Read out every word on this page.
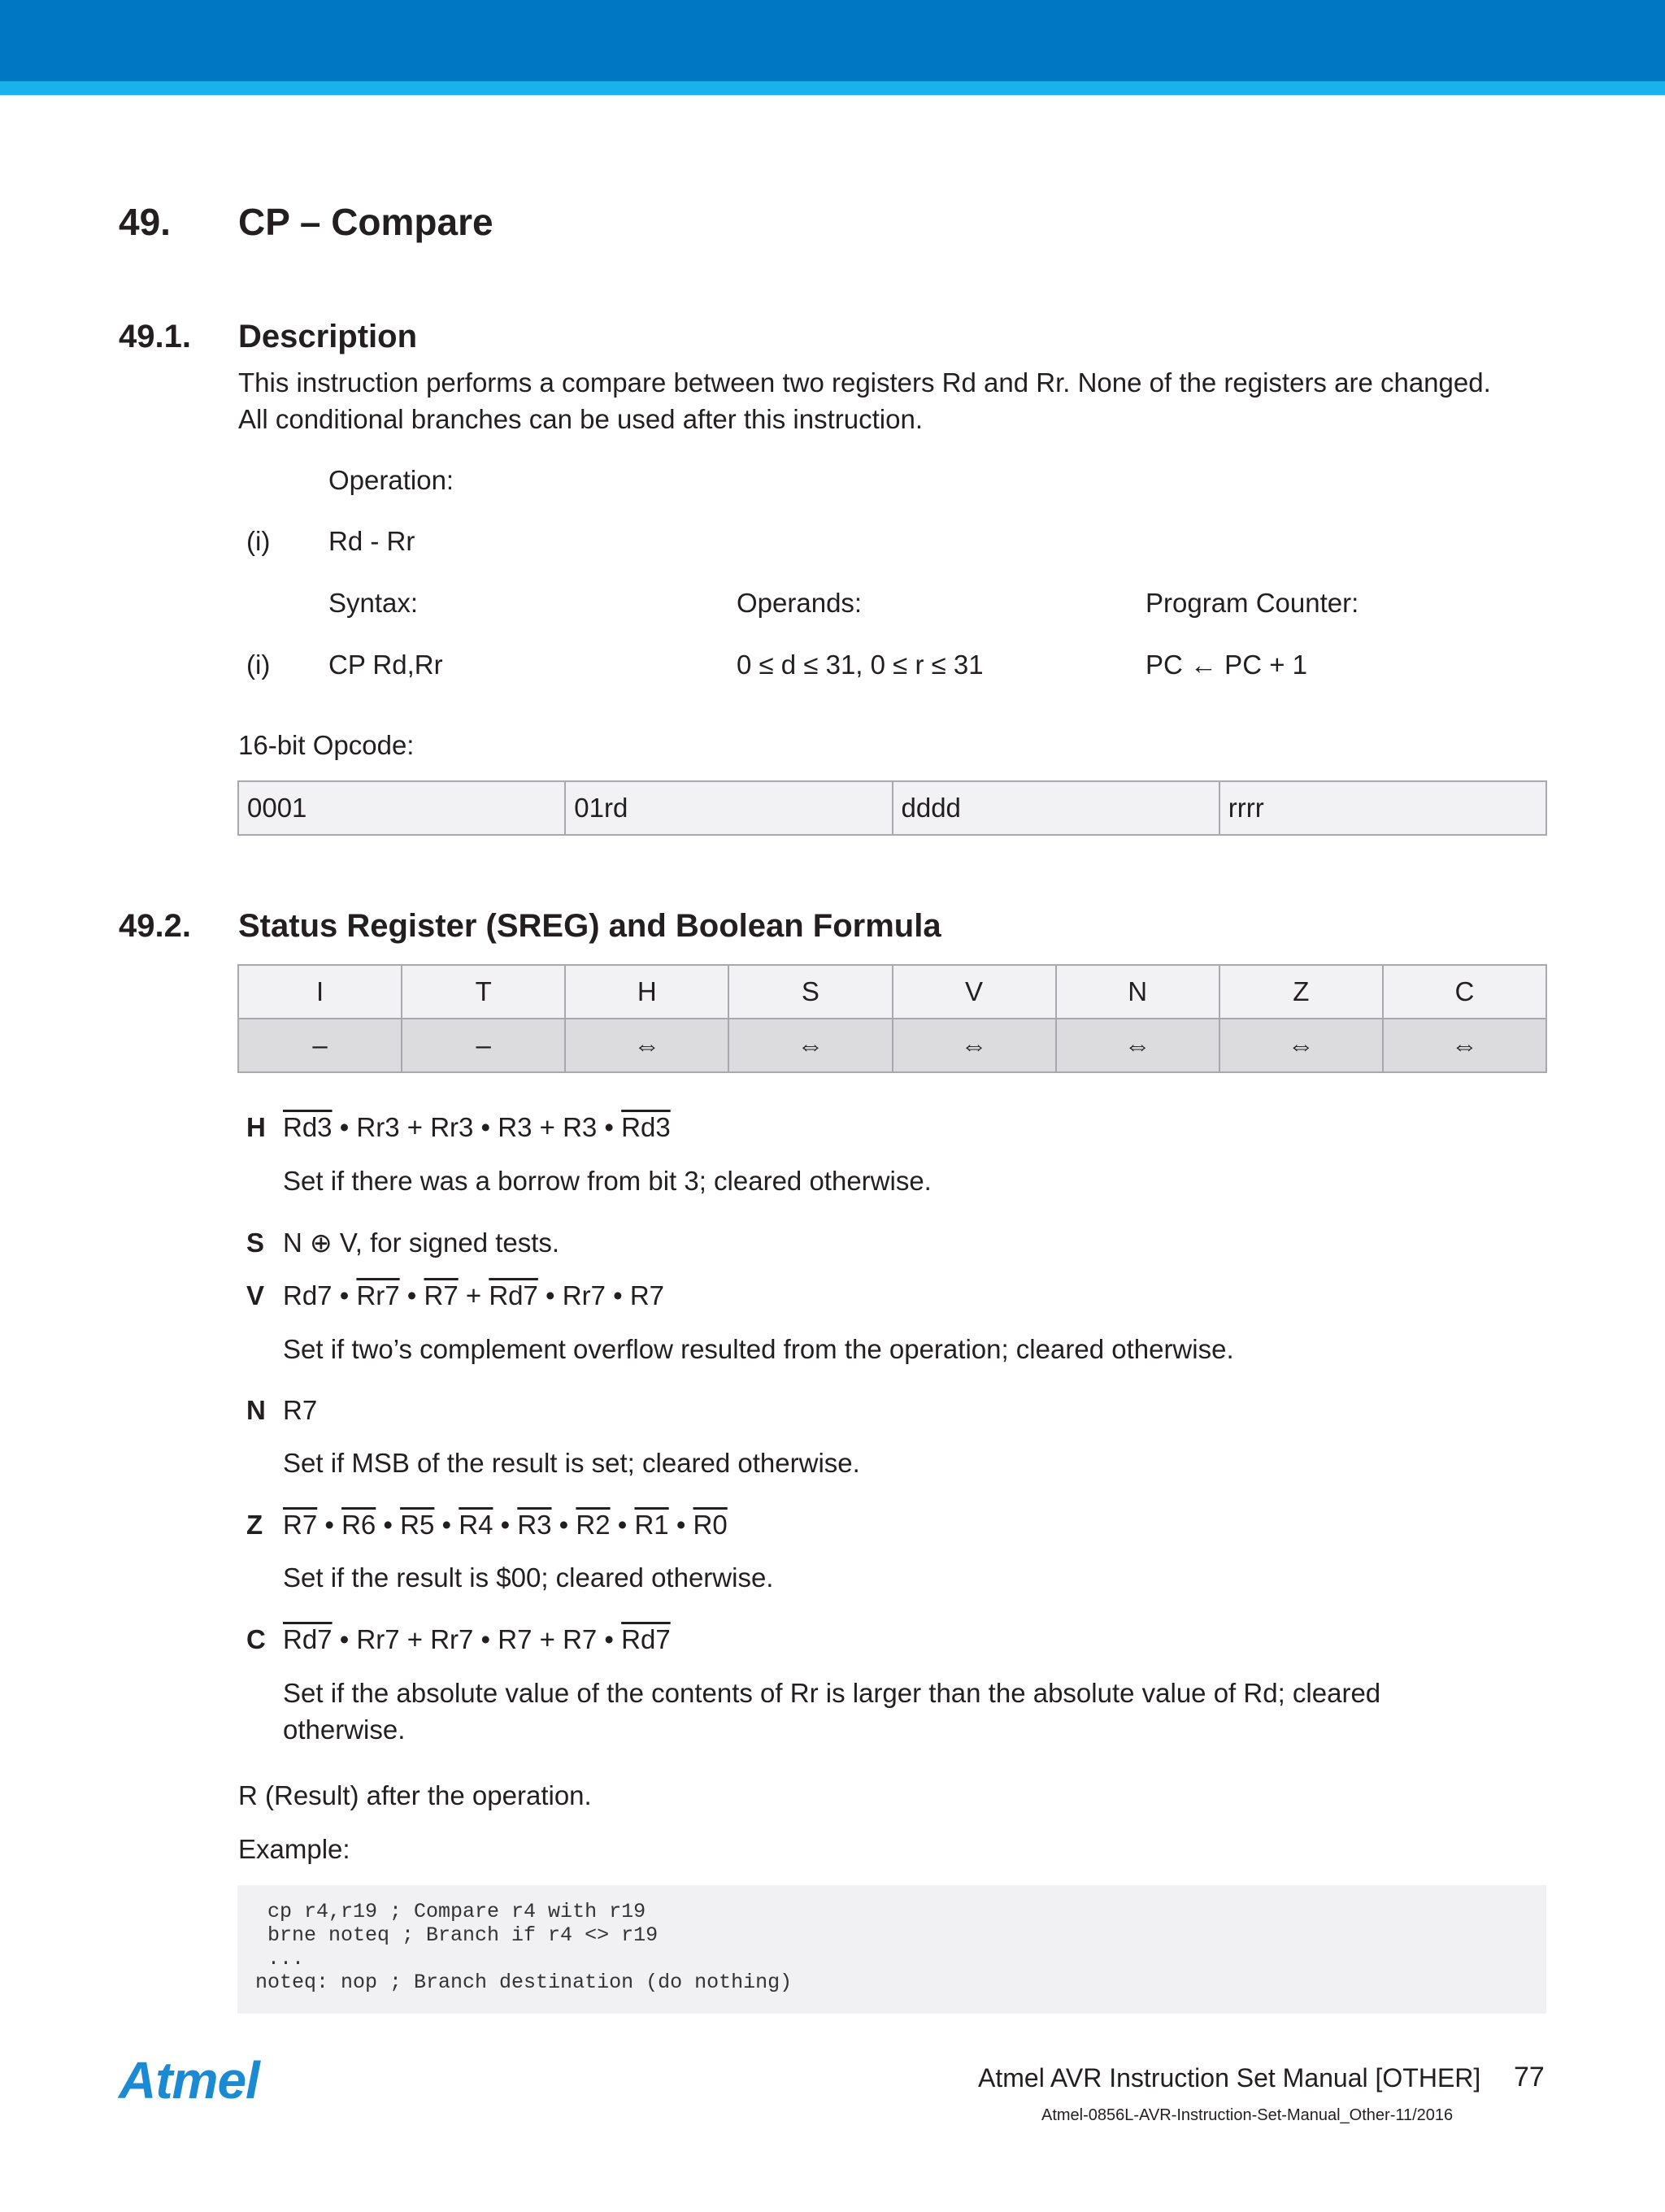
49. CP – Compare
49.1. Description
This instruction performs a compare between two registers Rd and Rr. None of the registers are changed.
All conditional branches can be used after this instruction.
Operation:
(i) Rd - Rr
Syntax:	Operands:	Program Counter:
(i) CP Rd,Rr	0 ≤ d ≤ 31, 0 ≤ r ≤ 31	PC ← PC + 1
16-bit Opcode:
0001	01rd	dddd	rrrr
49.2. Status Register (SREG) and Boolean Formula
I	T	H	S	V	N	Z	C
–	–	⇔	⇔	⇔	⇔	⇔	⇔
H Rd3 • Rr3 + Rr3 • R3 + R3 • Rd3
Set if there was a borrow from bit 3; cleared otherwise.
S N ⊕ V, for signed tests.
V Rd7 • Rr7 • R7 + Rd7 • Rr7 • R7
Set if two’s complement overflow resulted from the operation; cleared otherwise.
N R7
Set if MSB of the result is set; cleared otherwise.
Z R7 • R6 • R5 • R4 • R3 • R2 • R1 • R0
Set if the result is $00; cleared otherwise.
C Rd7 • Rr7 + Rr7 • R7 + R7 • Rd7
Set if the absolute value of the contents of Rr is larger than the absolute value of Rd; cleared
otherwise.
R (Result) after the operation.
Example:
cp r4,r19 ; Compare r4 with r19
brne noteq ; Branch if r4 <> r19
...
noteq: nop ; Branch destination (do nothing)
Atmel	Atmel AVR Instruction Set Manual [OTHER] 77
Atmel-0856L-AVR-Instruction-Set-Manual_Other-11/2016
